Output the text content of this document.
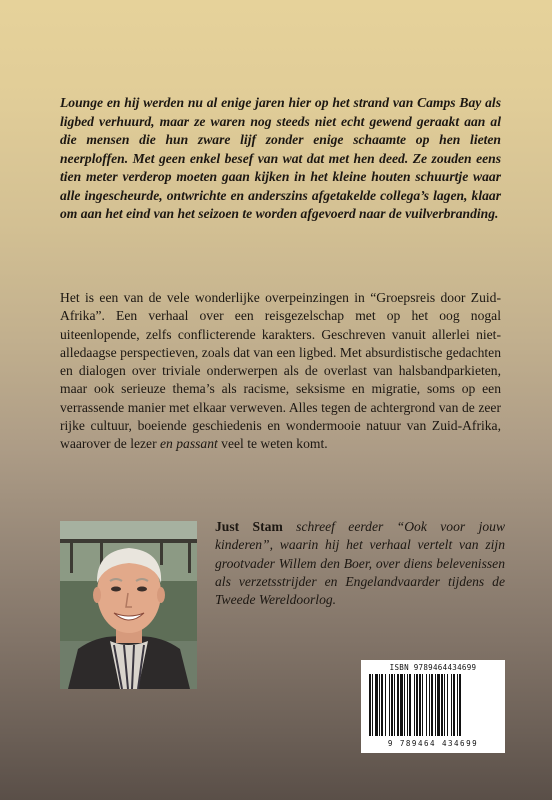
Lounge en hij werden nu al enige jaren hier op het strand van Camps Bay als ligbed verhuurd, maar ze waren nog steeds niet echt gewend geraakt aan al die mensen die hun zware lijf zonder enige schaamte op hen lieten neerploffen. Met geen enkel besef van wat dat met hen deed. Ze zouden eens tien meter verderop moeten gaan kijken in het kleine houten schuurtje waar alle ingescheurde, ontwrichte en anderszins afgetakelde collega’s lagen, klaar om aan het eind van het seizoen te worden afgevoerd naar de vuilverbranding.

Het is een van de vele wonderlijke overpeinzingen in “Groepsreis door Zuid-Afrika”. Een verhaal over een reisgezelschap met op het oog nogal uiteenlopende, zelfs conflicterende karakters. Geschreven vanuit allerlei niet-alledaagse perspectieven, zoals dat van een ligbed. Met absurdistische gedachten en dialogen over triviale onderwerpen als de overlast van halsbandparkieten, maar ook serieuze thema’s als racisme, seksisme en migratie, soms op een verrassende manier met elkaar verweven. Alles tegen de achtergrond van de zeer rijke cultuur, boeiende geschiedenis en wondermooie natuur van Zuid-Afrika, waarover de lezer en passant veel te weten komt.

Just Stam schreef eerder “Ook voor jouw kinderen”, waarin hij het verhaal vertelt van zijn grootvader Willem den Boer, over diens belevenissen als verzetsstrijder en Engelandvaarder tijdens de Tweede Wereldoorlog.

ISBN 9789464434699
9 789464 434699
